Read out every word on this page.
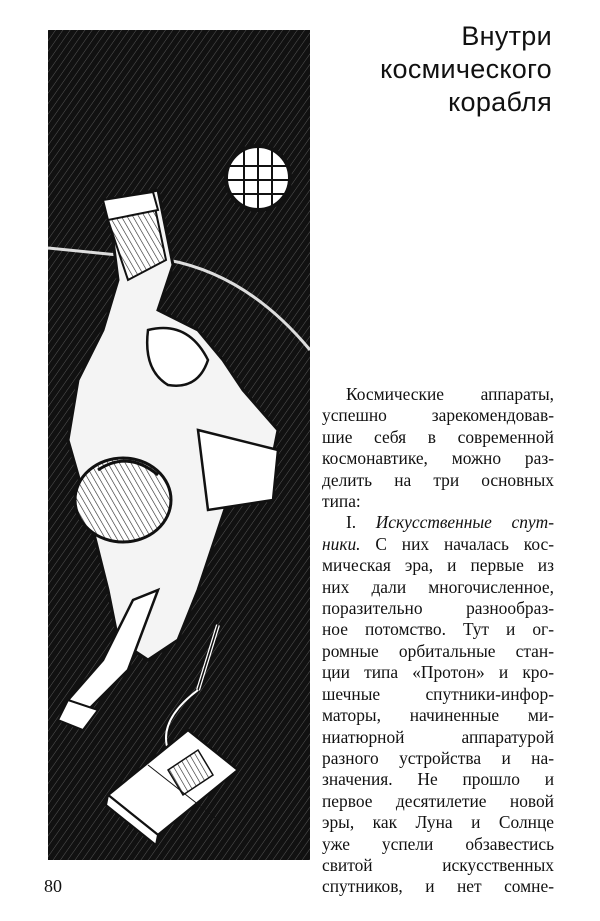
Внутри
космического
корабля
Космические аппараты,
успешно зарекомендовав-
шие себя в современной
космонавтике, можно раз-
делить на три основных
типа:
I. Искусственные спут-
ники. С них началась кос-
мическая эра, и первые из
них дали многочисленное,
поразительно разнообраз-
ное потомство. Тут и ог-
ромные орбитальные стан-
ции типа «Протон» и кро-
шечные спутники-инфор-
маторы, начиненные ми-
ниатюрной аппаратурой
разного устройства и на-
значения. Не прошло и
первое десятилетие новой
эры, как Луна и Солнце
уже успели обзавестись
свитой искусственных
спутников, и нет сомне-
80
